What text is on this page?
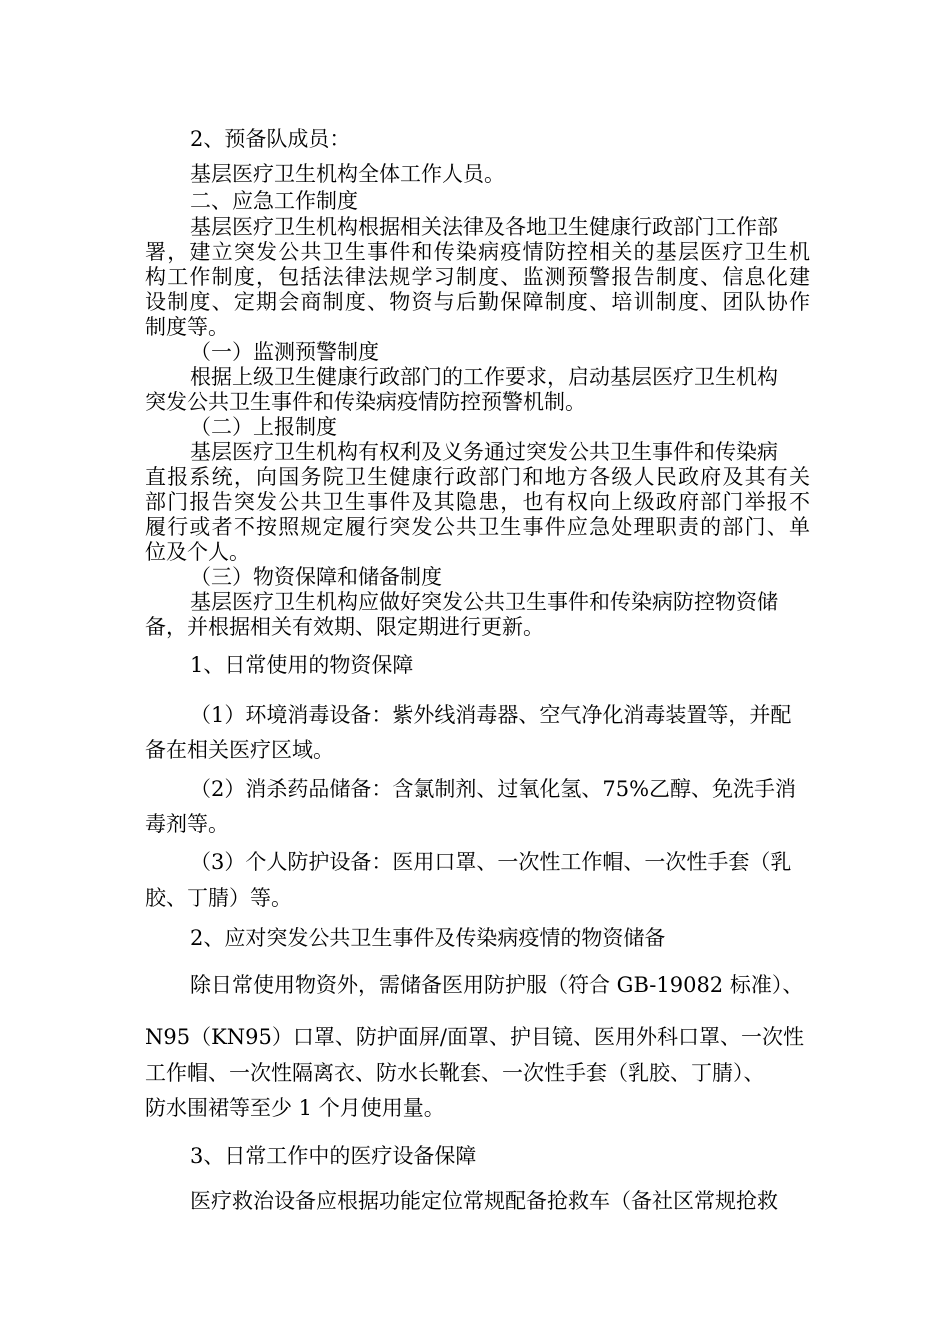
2、预备队成员：
基层医疗卫生机构全体工作人员。
二、应急工作制度
基层医疗卫生机构根据相关法律及各地卫生健康行政部门工作部
署，建立突发公共卫生事件和传染病疫情防控相关的基层医疗卫生机
构工作制度，包括法律法规学习制度、监测预警报告制度、信息化建
设制度、定期会商制度、物资与后勤保障制度、培训制度、团队协作
制度等。
（一）监测预警制度
根据上级卫生健康行政部门的工作要求，启动基层医疗卫生机构
突发公共卫生事件和传染病疫情防控预警机制。
（二）上报制度
基层医疗卫生机构有权利及义务通过突发公共卫生事件和传染病
直报系统，向国务院卫生健康行政部门和地方各级人民政府及其有关
部门报告突发公共卫生事件及其隐患，也有权向上级政府部门举报不
履行或者不按照规定履行突发公共卫生事件应急处理职责的部门、单
位及个人。
（三）物资保障和储备制度
基层医疗卫生机构应做好突发公共卫生事件和传染病防控物资储
备，并根据相关有效期、限定期进行更新。
1、日常使用的物资保障
（1）环境消毒设备：紫外线消毒器、空气净化消毒装置等，并配
备在相关医疗区域。
（2）消杀药品储备：含氯制剂、过氧化氢、75%乙醇、免洗手消
毒剂等。
（3）个人防护设备：医用口罩、一次性工作帽、一次性手套（乳
胶、丁腈）等。
2、应对突发公共卫生事件及传染病疫情的物资储备
除日常使用物资外，需储备医用防护服（符合 GB-19082 标准）、
N95（KN95）口罩、防护面屏/面罩、护目镜、医用外科口罩、一次性
工作帽、一次性隔离衣、防水长靴套、一次性手套（乳胶、丁腈）、
防水围裙等至少 1 个月使用量。
3、日常工作中的医疗设备保障
医疗救治设备应根据功能定位常规配备抢救车（备社区常规抢救
